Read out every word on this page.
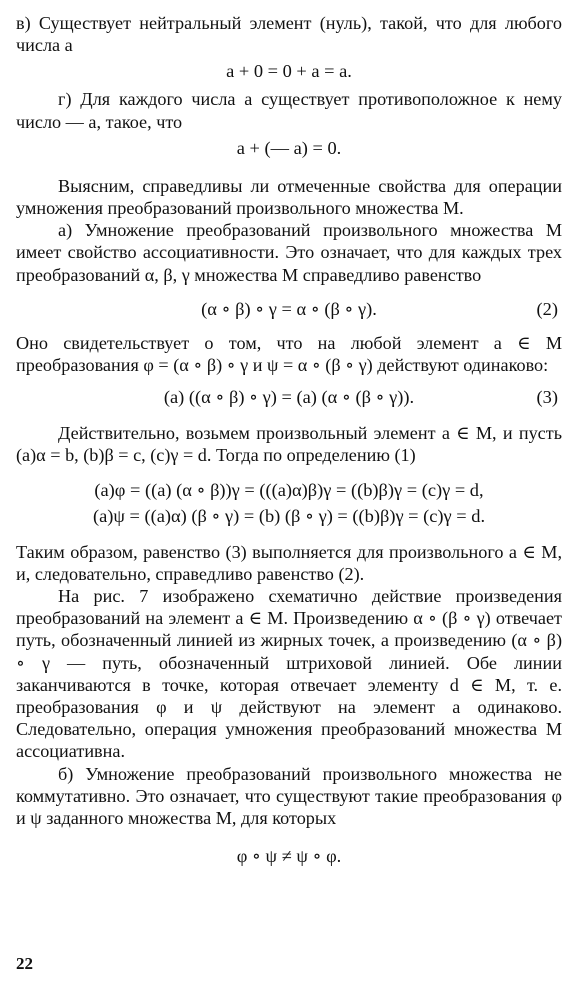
в) Существует нейтральный элемент (нуль), такой, что для любого числа a

a + 0 = 0 + a = a.

г) Для каждого числа a существует противоположное к нему число — a, такое, что

a + (— a) = 0.

Выясним, справедливы ли отмеченные свойства для операции умножения преобразований произвольного множества M.

а) Умножение преобразований произвольного множества M имеет свойство ассоциативности. Это означает, что для каждых трех преобразований α, β, γ множества M справедливо равенство

(α ∘ β) ∘ γ = α ∘ (β ∘ γ).	(2)

Оно свидетельствует о том, что на любой элемент a ∈ M преобразования φ = (α ∘ β) ∘ γ и ψ = α ∘ (β ∘ γ) действуют одинаково:

(a) ((α ∘ β) ∘ γ) = (a) (α ∘ (β ∘ γ)).	(3)

Действительно, возьмем произвольный элемент a ∈ M, и пусть (a)α = b, (b)β = c, (c)γ = d. Тогда по определению (1)

(a)φ = ((a) (α ∘ β))γ = (((a)α)β)γ = ((b)β)γ = (c)γ = d,

(a)ψ = ((a)α) (β ∘ γ) = (b) (β ∘ γ) = ((b)β)γ = (c)γ = d.

Таким образом, равенство (3) выполняется для произвольного a ∈ M, и, следовательно, справедливо равенство (2).

На рис. 7 изображено схематично действие произведения преобразований на элемент a ∈ M. Произведению α ∘ (β ∘ γ) отвечает путь, обозначенный линией из жирных точек, а произведению (α ∘ β) ∘ γ — путь, обозначенный штриховой линией. Обе линии заканчиваются в точке, которая отвечает элементу d ∈ M, т. е. преобразования φ и ψ действуют на элемент a одинаково. Следовательно, операция умножения преобразований множества M ассоциативна.

б) Умножение преобразований произвольного множества не коммутативно. Это означает, что существуют такие преобразования φ и ψ заданного множества M, для которых

φ ∘ ψ ≠ ψ ∘ φ.

22
